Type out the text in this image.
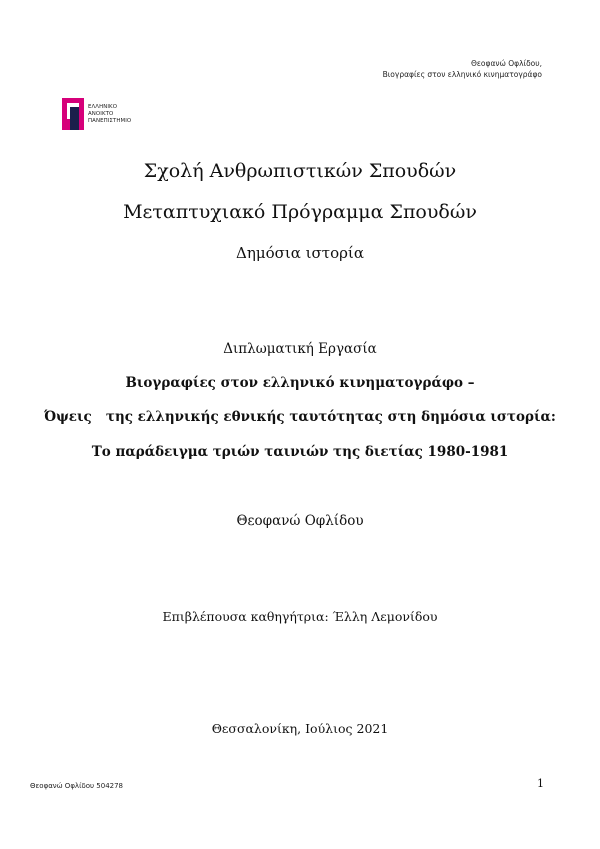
Θεοφανώ Οφλίδου,
Βιογραφίες στον ελληνικό κινηματογράφο
ΕΛΛΗΝΙΚΟ
ΑΝΟΙΚΤΟ
ΠΑΝΕΠΙΣΤΗΜΙΟ
Σχολή Ανθρωπιστικών Σπουδών
Μεταπτυχιακό Πρόγραμμα Σπουδών
Δημόσια ιστορία
Διπλωματική Εργασία
Βιογραφίες στον ελληνικό κινηματογράφο –
Όψεις   της ελληνικής εθνικής ταυτότητας στη δημόσια ιστορία:
Το παράδειγμα τριών ταινιών της διετίας 1980-1981
Θεοφανώ Οφλίδου
Επιβλέπουσα καθηγήτρια: Έλλη Λεμονίδου
Θεσσαλονίκη, Ιούλιος 2021
Θεοφανώ Οφλίδου 504278	1
